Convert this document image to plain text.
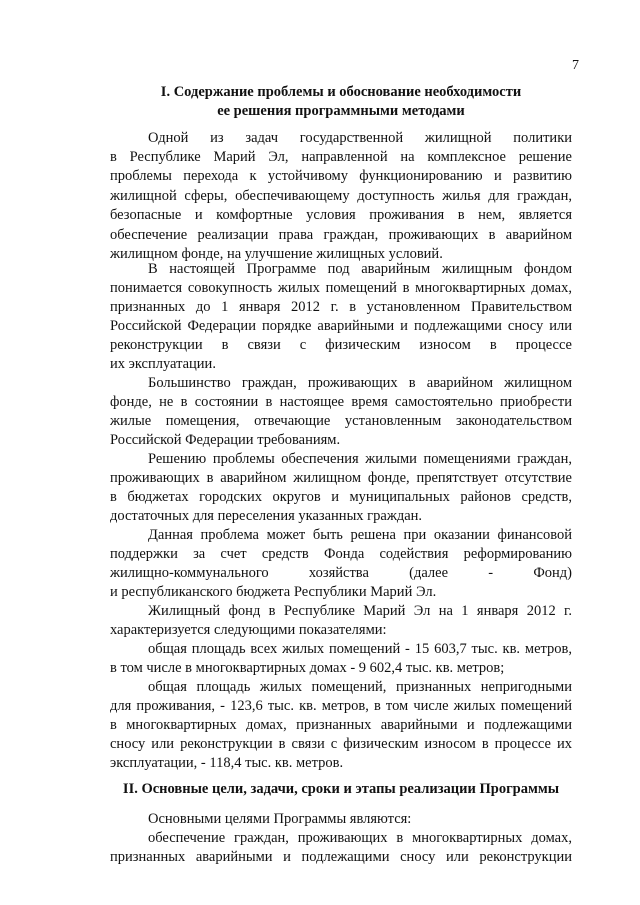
7
I. Содержание проблемы и обоснование необходимости
ее решения программными методами
Одной из задач государственной жилищной политики
в Республике Марий Эл, направленной на комплексное решение
проблемы перехода к устойчивому функционированию и развитию
жилищной сферы, обеспечивающему доступность жилья для граждан,
безопасные и комфортные условия проживания в нем, является
обеспечение реализации права граждан, проживающих в аварийном
жилищном фонде, на улучшение жилищных условий.
В настоящей Программе под аварийным жилищным фондом
понимается совокупность жилых помещений в многоквартирных домах,
признанных до 1 января 2012 г. в установленном Правительством
Российской Федерации порядке аварийными и подлежащими сносу или
реконструкции в связи с физическим износом в процессе
их эксплуатации.
Большинство граждан, проживающих в аварийном жилищном
фонде, не в состоянии в настоящее время самостоятельно приобрести
жилые помещения, отвечающие установленным законодательством
Российской Федерации требованиям.
Решению проблемы обеспечения жилыми помещениями граждан,
проживающих в аварийном жилищном фонде, препятствует отсутствие
в бюджетах городских округов и муниципальных районов средств,
достаточных для переселения указанных граждан.
Данная проблема может быть решена при оказании финансовой
поддержки за счет средств Фонда содействия реформированию
жилищно-коммунального хозяйства (далее - Фонд)
и республиканского бюджета Республики Марий Эл.
Жилищный фонд в Республике Марий Эл на 1 января 2012 г.
характеризуется следующими показателями:
общая площадь всех жилых помещений - 15 603,7 тыс. кв. метров,
в том числе в многоквартирных домах - 9 602,4 тыс. кв. метров;
общая площадь жилых помещений, признанных непригодными
для проживания, - 123,6 тыс. кв. метров, в том числе жилых помещений
в многоквартирных домах, признанных аварийными и подлежащими
сносу или реконструкции в связи с физическим износом в процессе их
эксплуатации, - 118,4 тыс. кв. метров.
II. Основные цели, задачи, сроки и этапы реализации Программы
Основными целями Программы являются:
обеспечение граждан, проживающих в многоквартирных домах,
признанных аварийными и подлежащими сносу или реконструкции
